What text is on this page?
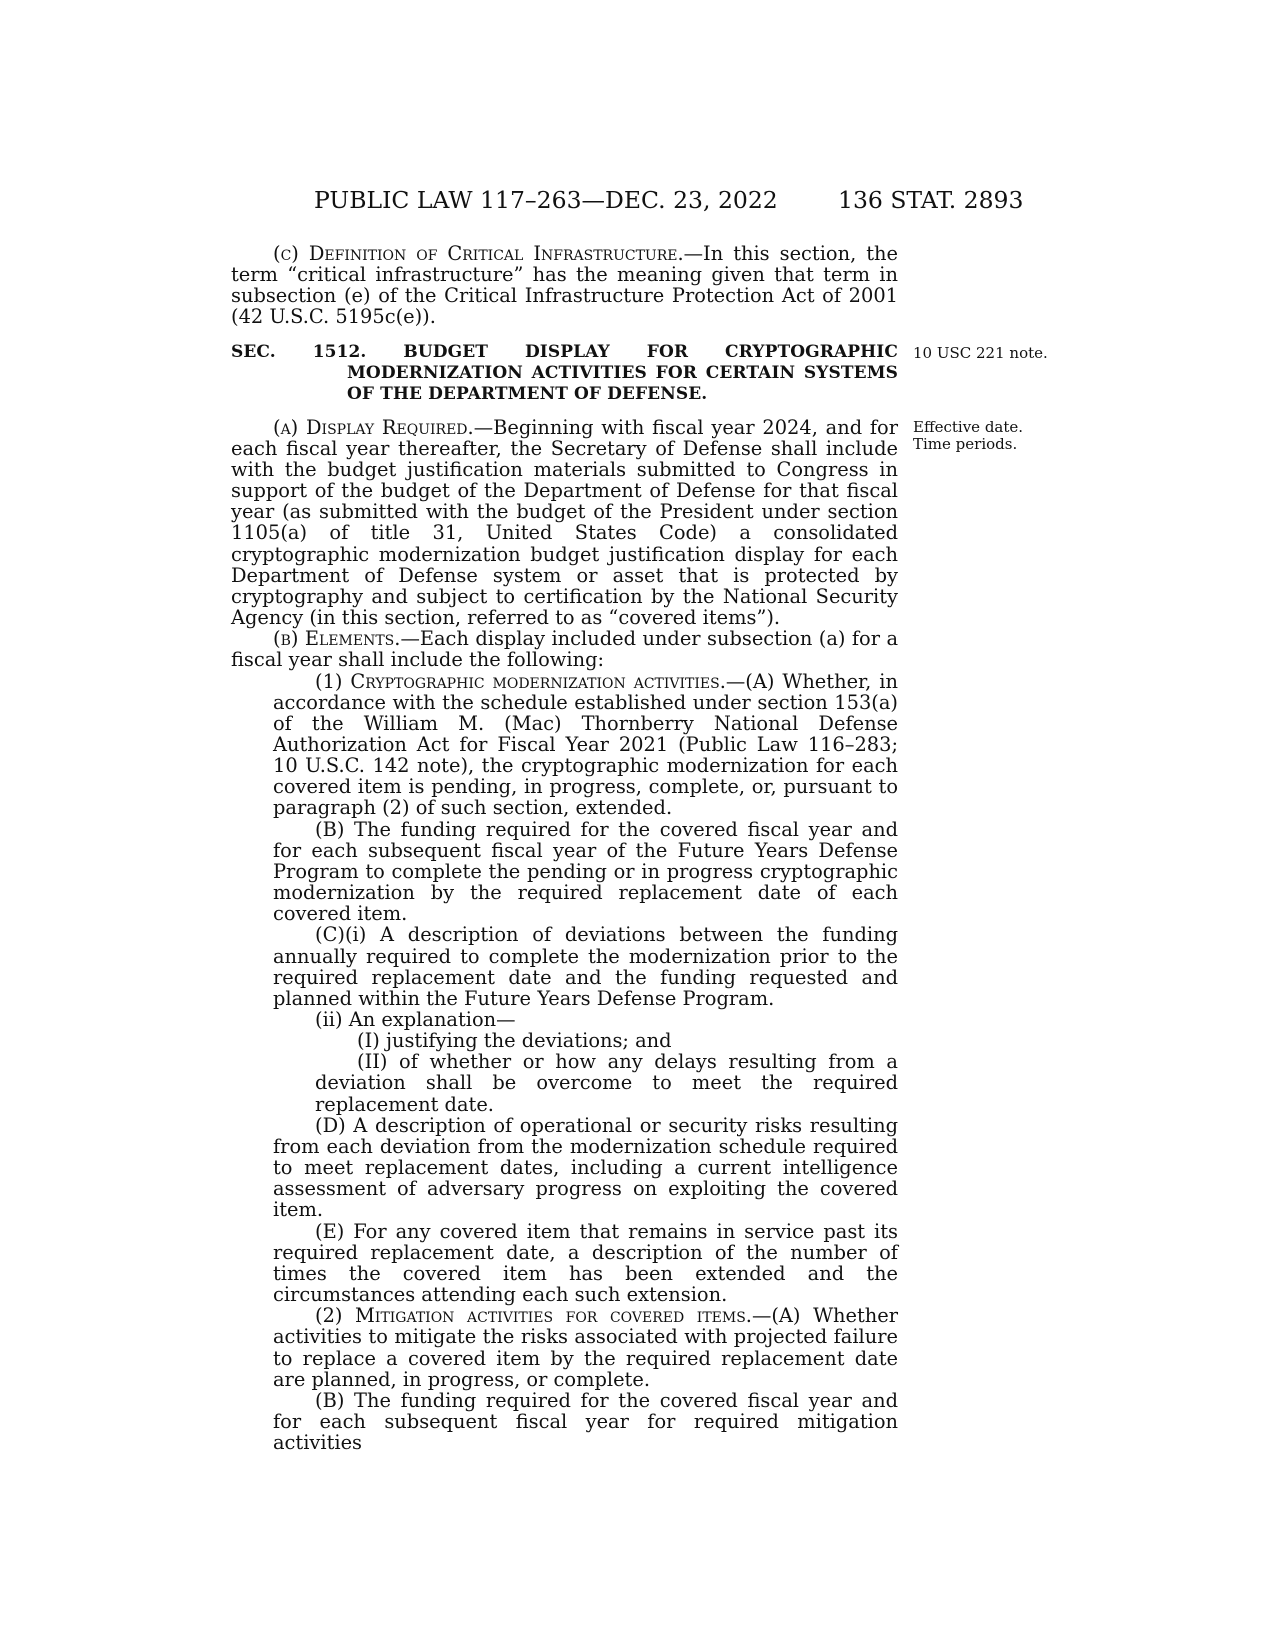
PUBLIC LAW 117–263—DEC. 23, 2022	136 STAT. 2893
10 USC 221 note.
Effective date.
Time periods.

(c) Definition of Critical Infrastructure.—In this section, the term “critical infrastructure” has the meaning given that term in subsection (e) of the Critical Infrastructure Protection Act of 2001 (42 U.S.C. 5195c(e)).

SEC. 1512. BUDGET DISPLAY FOR CRYPTOGRAPHIC MODERNIZATION ACTIVITIES FOR CERTAIN SYSTEMS OF THE DEPARTMENT OF DEFENSE.

(a) Display Required.—Beginning with fiscal year 2024, and for each fiscal year thereafter, the Secretary of Defense shall include with the budget justification materials submitted to Congress in support of the budget of the Department of Defense for that fiscal year (as submitted with the budget of the President under section 1105(a) of title 31, United States Code) a consolidated cryptographic modernization budget justification display for each Department of Defense system or asset that is protected by cryptography and subject to certification by the National Security Agency (in this section, referred to as “covered items”).

(b) Elements.—Each display included under subsection (a) for a fiscal year shall include the following:

(1) Cryptographic modernization activities.—(A) Whether, in accordance with the schedule established under section 153(a) of the William M. (Mac) Thornberry National Defense Authorization Act for Fiscal Year 2021 (Public Law 116–283; 10 U.S.C. 142 note), the cryptographic modernization for each covered item is pending, in progress, complete, or, pursuant to paragraph (2) of such section, extended.

(B) The funding required for the covered fiscal year and for each subsequent fiscal year of the Future Years Defense Program to complete the pending or in progress cryptographic modernization by the required replacement date of each covered item.

(C)(i) A description of deviations between the funding annually required to complete the modernization prior to the required replacement date and the funding requested and planned within the Future Years Defense Program.

(ii) An explanation—

(I) justifying the deviations; and

(II) of whether or how any delays resulting from a deviation shall be overcome to meet the required replacement date.

(D) A description of operational or security risks resulting from each deviation from the modernization schedule required to meet replacement dates, including a current intelligence assessment of adversary progress on exploiting the covered item.

(E) For any covered item that remains in service past its required replacement date, a description of the number of times the covered item has been extended and the circumstances attending each such extension.

(2) Mitigation activities for covered items.—(A) Whether activities to mitigate the risks associated with projected failure to replace a covered item by the required replacement date are planned, in progress, or complete.

(B) The funding required for the covered fiscal year and for each subsequent fiscal year for required mitigation activities
